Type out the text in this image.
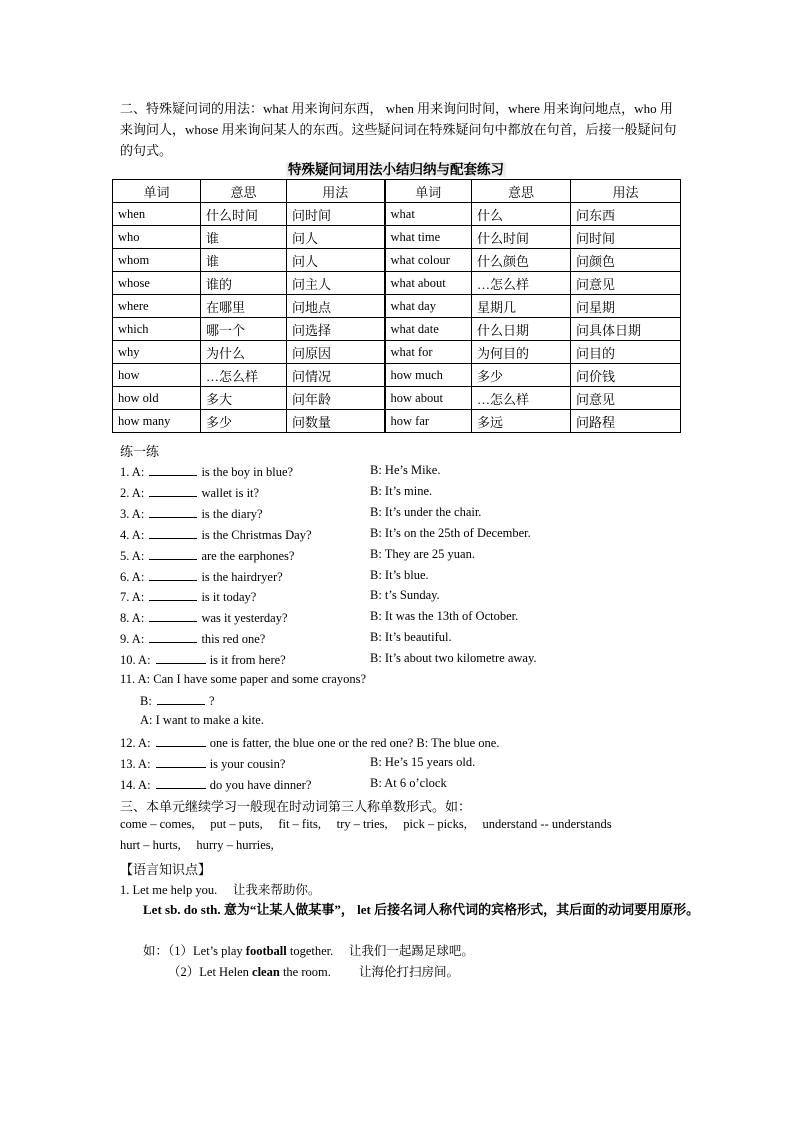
二、特殊疑问词的用法：what 用来询问东西， when 用来询问时间，where 用来询问地点，who 用来询问人，whose 用来询问某人的东西。这些疑问词在特殊疑问句中都放在句首，后接一般疑问句的句式。
特殊疑问词用法小结归纳与配套练习
单词	意思	用法	单词	意思	用法
when	什么时间	问时间	what	什么	问东西
who	谁	问人	what time	什么时间	问时间
whom	谁	问人	what colour	什么颜色	问颜色
whose	谁的	问主人	what about	…怎么样	问意见
where	在哪里	问地点	what day	星期几	问星期
which	哪一个	问选择	what date	什么日期	问具体日期
why	为什么	问原因	what for	为何目的	问目的
how	…怎么样	问情况	how much	多少	问价钱
how old	多大	问年龄	how about	…怎么样	问意见
how many	多少	问数量	how far	多远	问路程
练一练
1. A:	is the boy in blue?	B: He’s Mike.
2. A:	wallet is it?	B: It’s mine.
3. A:	is the diary?	B: It’s under the chair.
4. A:	is the Christmas Day?	B: It’s on the 25th of December.
5. A:	are the earphones?	B: They are 25 yuan.
6. A:	is the hairdryer?	B: It’s blue.
7. A:	is it today?	B: t’s Sunday.
8. A:	was it yesterday?	B: It was the 13th of October.
9. A:	this red one?	B: It’s beautiful.
10. A:	is it from here?	B: It’s about two kilometre away.
11. A: Can I have some paper and some crayons?
B:	?
A: I want to make a kite.
12. A:	one is fatter, the blue one or the red one? B: The blue one.
13. A:	is your cousin?	B: He’s 15 years old.
14. A:	do you have dinner?	B: At 6 o’clock
三、本单元继续学习一般现在时动词第三人称单数形式。如：
come – comes,     put – puts,     fit – fits,     try – tries,     pick – picks,     understand -- understands
hurt – hurts,     hurry – hurries,
【语言知识点】
1. Let me help you.     让我来帮助你。
Let sb. do sth. 意为“让某人做某事”， let 后接名词人称代词的宾格形式，其后面的动词要用原形。
如：（1）Let’s play football together.     让我们一起踢足球吧。
（2）Let Helen clean the room.         让海伦打扫房间。
